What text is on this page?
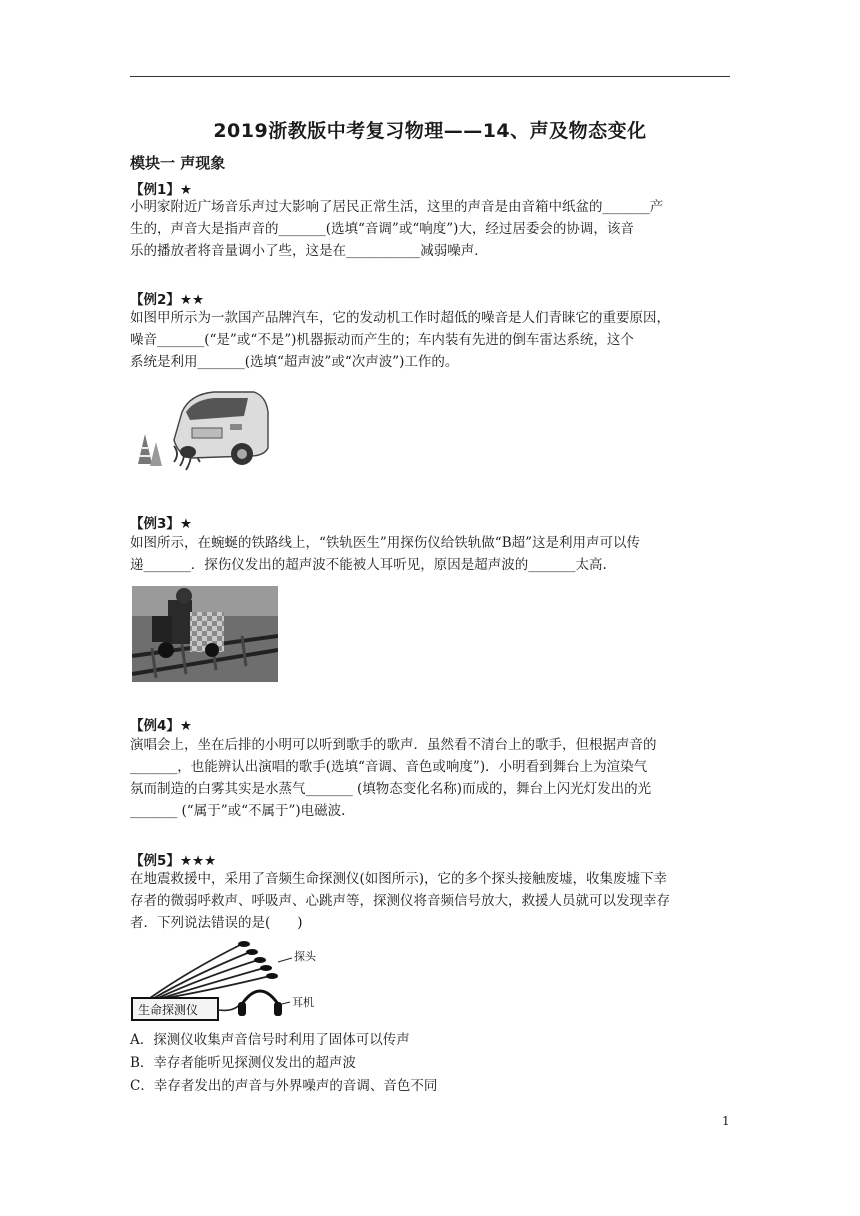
2019浙教版中考复习物理——14、声及物态变化
模块一 声现象
【例1】★

小明家附近广场音乐声过大影响了居民正常生活，这里的声音是由音箱中纸盆的_______产
生的，声音大是指声音的_______(选填“音调”或“响度”)大，经过居委会的协调，该音
乐的播放者将音量调小了些，这是在___________减弱噪声．

【例2】★★

如图甲所示为一款国产品牌汽车，它的发动机工作时超低的噪音是人们青睐它的重要原因，
噪音_______(“是”或“不是”)机器振动而产生的；车内装有先进的倒车雷达系统，这个
系统是利用_______(选填“超声波”或“次声波”)工作的。

【例3】★

如图所示，在蜿蜒的铁路线上，“铁轨医生”用探伤仪给铁轨做“B超”这是利用声可以传
递_______．探伤仪发出的超声波不能被人耳听见，原因是超声波的_______太高.

【例4】★

演唱会上，坐在后排的小明可以听到歌手的歌声．虽然看不清台上的歌手，但根据声音的
_______，也能辨认出演唱的歌手(选填“音调、音色或响度”)．小明看到舞台上为渲染气
氛而制造的白雾其实是水蒸气_______ (填物态变化名称)而成的，舞台上闪光灯发出的光
_______ (“属于”或“不属于”)电磁波.

【例5】★★★

在地震救援中，采用了音频生命探测仪(如图所示)，它的多个探头接触废墟，收集废墟下幸
存者的微弱呼救声、呼吸声、心跳声等，探测仪将音频信号放大，救援人员就可以发现幸存
者．下列说法错误的是(　　)

探头
生命探测仪
耳机
A．探测仪收集声音信号时利用了固体可以传声
B．幸存者能听见探测仪发出的超声波
C．幸存者发出的声音与外界噪声的音调、音色不同
1
